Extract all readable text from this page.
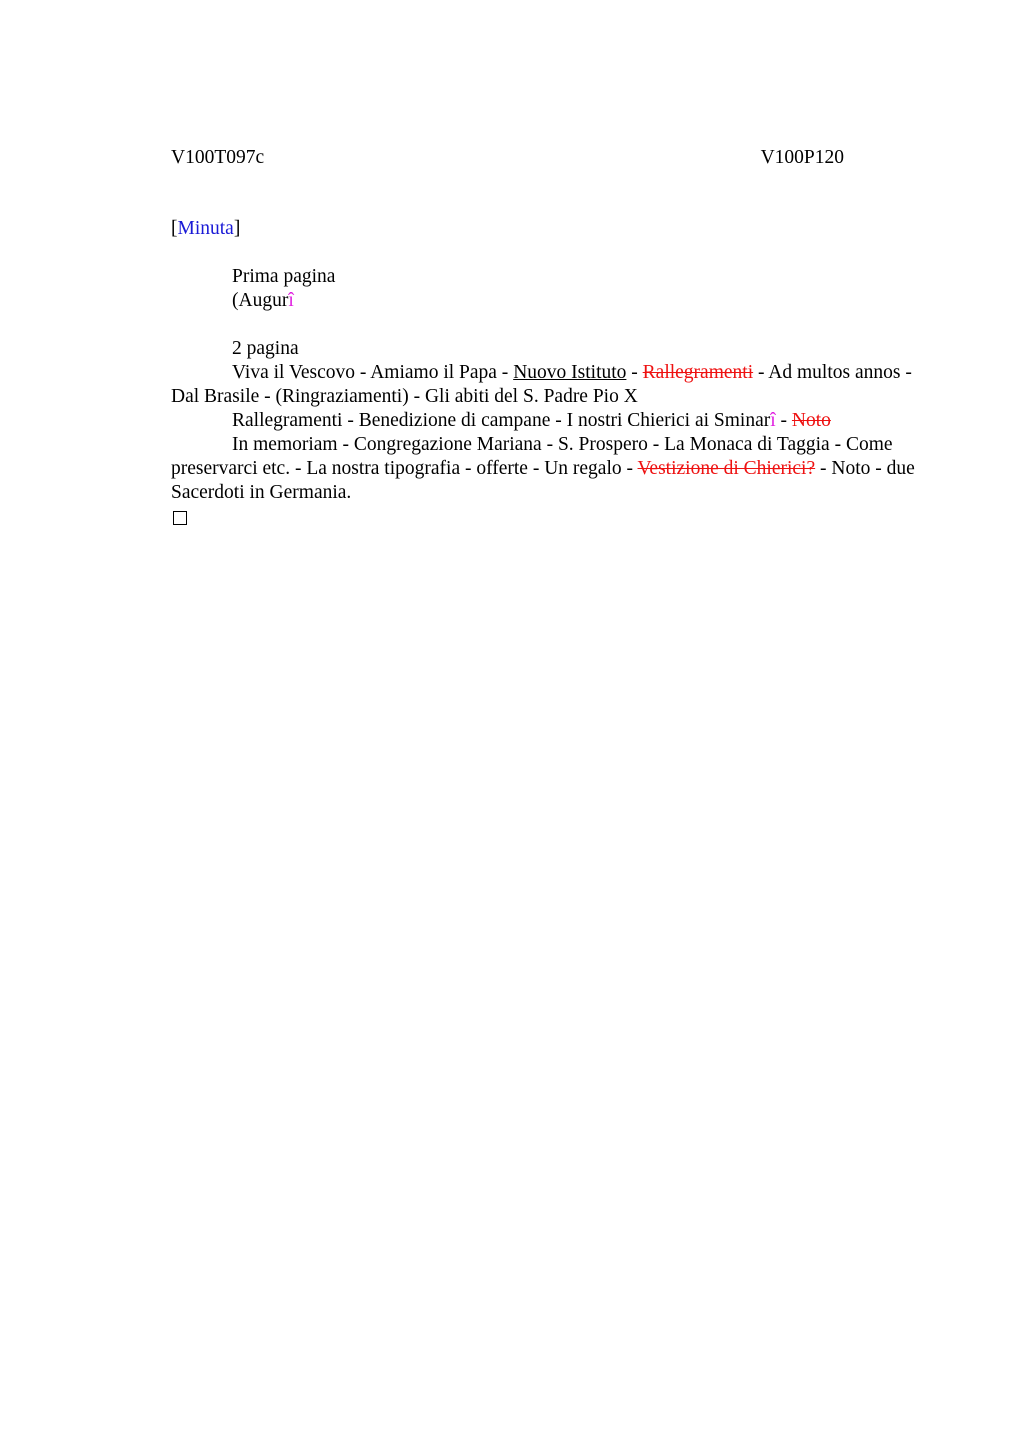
V100T097c	V100P120
[Minuta]

Prima pagina

(Augurî

2 pagina

Viva il Vescovo - Amiamo il Papa - Nuovo Istituto - Rallegramenti - Ad multos annos - Dal Brasile - (Ringraziamenti) - Gli abiti del S. Padre Pio X

Rallegramenti - Benedizione di campane - I nostri Chierici ai Sminarî - Noto

In memoriam - Congregazione Mariana - S. Prospero - La Monaca di Taggia - Come preservarci etc. - La nostra tipografia - offerte - Un regalo - Vestizione di Chierici? - Noto - due Sacerdoti in Germania.
